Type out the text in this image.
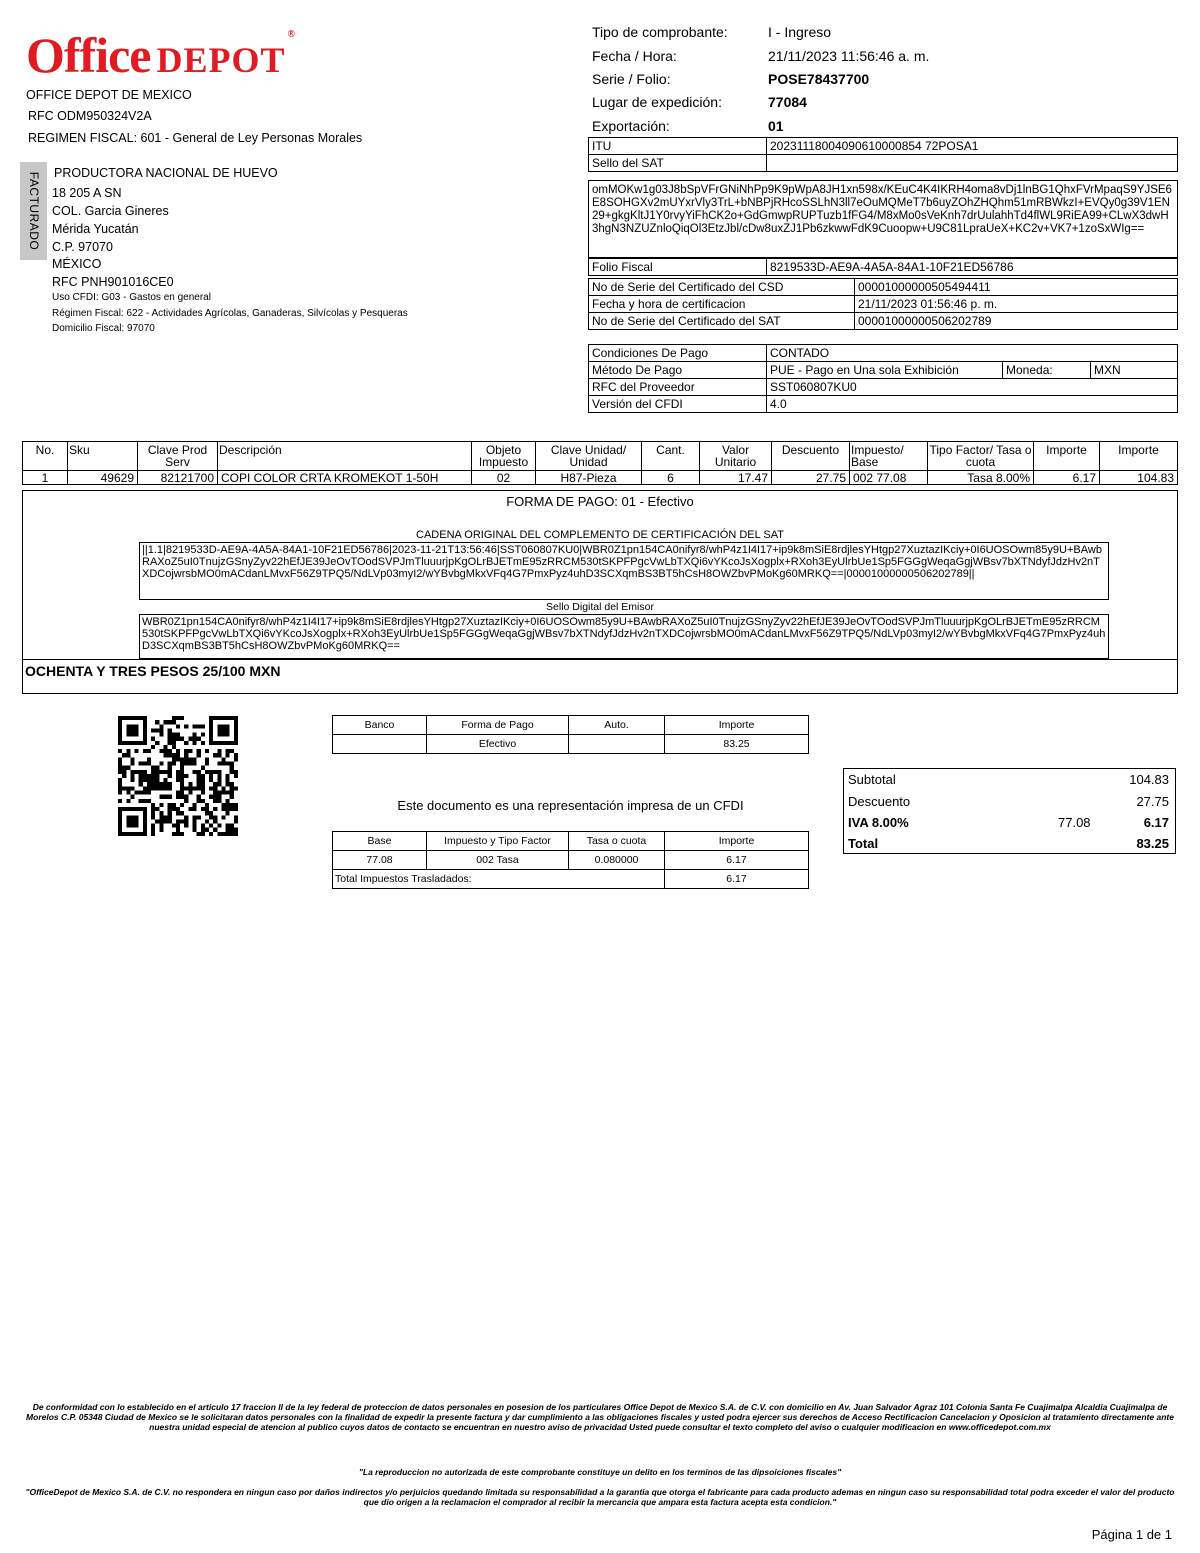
Office DEPOT®
OFFICE DEPOT DE MEXICO
RFC ODM950324V2A
REGIMEN FISCAL: 601 - General de Ley Personas Morales
FACTURADO PRODUCTORA NACIONAL DE HUEVO
18 205 A SN
COL. Garcia Gineres
Mérida Yucatán
C.P. 97070
MÉXICO
RFC PNH901016CE0
Uso CFDI: G03 - Gastos en general
Régimen Fiscal: 622 - Actividades Agrícolas, Ganaderas, Silvícolas y Pesqueras
Domicilio Fiscal: 97070
Tipo de comprobante:	I - Ingreso
Fecha / Hora:	21/11/2023 11:56:46 a. m.
Serie / Folio:	POSE78437700
Lugar de expedición:	77084
Exportación:	01
ITU	20231118004090610000854 72POSA1
Sello del SAT	
omMOKw1g03J8bSpVFrGNiNhPp9K9pWpA8JH1xn598x/KEuC4K4IKRH4oma8vDj1lnBG1QhxFVrMpaqS9YJSE6E8SOHGXv2mUYxrVly3TrL+bNBPjRHcoSSLhN3ll7eOuMQMeT7b6uyZOhZHQhm51mRBWkzI+EVQy0g39V1EN29+gkgKltJ1Y0rvyYiFhCK2o+GdGmwpRUPTuzb1fFG4/M8xMo0sVeKnh7drUulahhTd4flWL9RiEA99+CLwX3dwH3hgN3NZUZnloQiqOl3EtzJbl/cDw8uxZJ1Pb6zkwwFdK9Cuoopw+U9C81LpraUeX+KC2v+VK7+1zoSxWIg==
Folio Fiscal	8219533D-AE9A-4A5A-84A1-10F21ED56786
No de Serie del Certificado del CSD	00001000000505494411
Fecha y hora de certificacion	21/11/2023 01:56:46 p. m.
No de Serie del Certificado del SAT	00001000000506202789
Condiciones De Pago	CONTADO		
Método De Pago	PUE - Pago en Una sola Exhibición	Moneda:	MXN
RFC del Proveedor	SST060807KU0		
Versión del CFDI	4.0		
No.	Sku	Clave Prod Serv	Descripción	Objeto Impuesto	Clave Unidad/ Unidad	Cant.	Valor Unitario	Descuento	Impuesto/ Base	Tipo Factor/ Tasa o cuota	Importe	Importe
1	49629	82121700	COPI COLOR CRTA KROMEKOT 1-50H	02	H87-Pieza	6	17.47	27.75	002 77.08	Tasa 8.00%	6.17	104.83
FORMA DE PAGO: 01 - Efectivo
CADENA ORIGINAL DEL COMPLEMENTO DE CERTIFICACIÓN DEL SAT
||1.1|8219533D-AE9A-4A5A-84A1-10F21ED56786|2023-11-21T13:56:46|SST060807KU0|WBR0Z1pn154CA0nifyr8/whP4z1I4I17+ip9k8mSiE8rdjlesYHtgp27XuztazIKciy+0I6UOSOwm85y9U+BAwbRAXoZ5uI0TnujzGSnyZyv22hEfJE39JeOvTOodSVPJmTluuurjpKgOLrBJETmE95zRRCM530tSKPFPgcVwLbTXQi6vYKcoJsXogplx+RXoh3EyUlrbUe1Sp5FGGgWeqaGgjWBsv7bXTNdyfJdzHv2nTXDCojwrsbMO0mACdanLMvxF56Z9TPQ5/NdLVp03myI2/wYBvbgMkxVFq4G7PmxPyz4uhD3SCXqmBS3BT5hCsH8OWZbvPMoKg60MRKQ==|00001000000506202789||
Sello Digital del Emisor
WBR0Z1pn154CA0nifyr8/whP4z1I4I17+ip9k8mSiE8rdjlesYHtgp27XuztazIKciy+0I6UOSOwm85y9U+BAwbRAXoZ5uI0TnujzGSnyZyv22hEfJE39JeOvTOodSVPJmTluuurjpKgOLrBJETmE95zRRCM530tSKPFPgcVwLbTXQi6vYKcoJsXogplx+RXoh3EyUlrbUe1Sp5FGGgWeqaGgjWBsv7bXTNdyfJdzHv2nTXDCojwrsbMO0mACdanLMvxF56Z9TPQ5/NdLVp03myI2/wYBvbgMkxVFq4G7PmxPyz4uhD3SCXqmBS3BT5hCsH8OWZbvPMoKg60MRKQ==
OCHENTA Y TRES PESOS 25/100 MXN
Banco	Forma de Pago	Auto.	Importe
	Efectivo		83.25
Este documento es una representación impresa de un CFDI
Base	Impuesto y Tipo Factor	Tasa o cuota	Importe
77.08	002 Tasa	0.080000	6.17
Total Impuestos Trasladados:			6.17
Subtotal	104.83
Descuento	27.75
IVA 8.00%	77.08	6.17
Total	83.25
De conformidad con lo establecido en el articulo 17 fraccion II de la ley federal de proteccion de datos personales en posesion de los particulares Office Depot de Mexico S.A. de C.V. con domicilio en Av. Juan Salvador Agraz 101 Colonia Santa Fe Cuajimalpa Alcaldia Cuajimalpa de Morelos C.P. 05348 Ciudad de Mexico se le solicitaran datos personales con la finalidad de expedir la presente factura y dar cumplimiento a las obligaciones fiscales y usted podra ejercer sus derechos de Acceso Rectificacion Cancelacion y Oposicion al tratamiento directamente ante nuestra unidad especial de atencion al publico cuyos datos de contacto se encuentran en nuestro aviso de privacidad Usted puede consultar el texto completo del aviso o cualquier modificacion en www.officedepot.com.mx
"La reproduccion no autorizada de este comprobante constituye un delito en los terminos de las dipsoiciones fiscales"
"OfficeDepot de Mexico S.A. de C.V. no respondera en ningun caso por daños indirectos y/o perjuicios quedando limitada su responsabilidad a la garantia que otorga el fabricante para cada producto ademas en ningun caso su responsabilidad total podra exceder el valor del producto que dio origen a la reclamacion el comprador al recibir la mercancia que ampara esta factura acepta esta condicion."
Página 1 de 1
